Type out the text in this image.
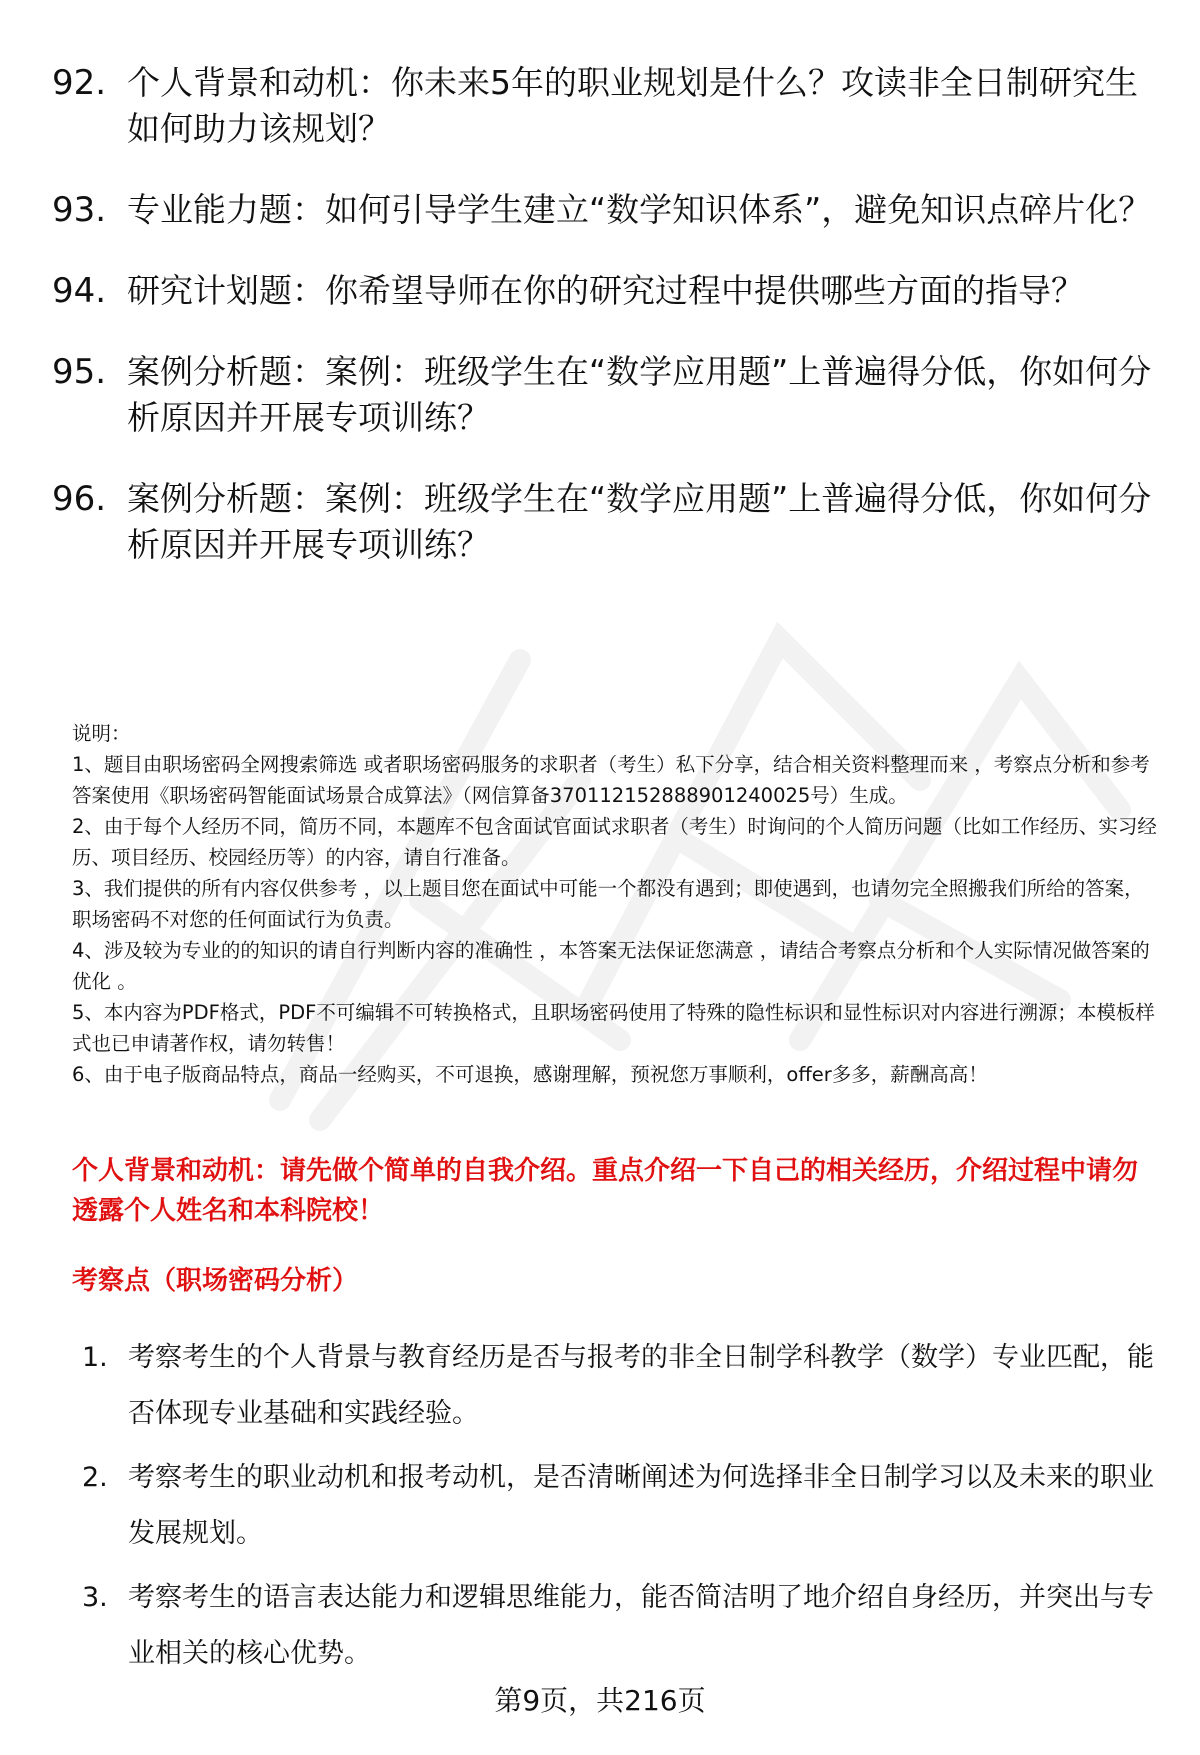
92. 个人背景和动机：你未来5年的职业规划是什么？攻读非全日制研究生如何助力该规划？
93. 专业能力题：如何引导学生建立“数学知识体系”，避免知识点碎片化？
94. 研究计划题：你希望导师在你的研究过程中提供哪些方面的指导？
95. 案例分析题：案例：班级学生在“数学应用题”上普遍得分低，你如何分析原因并开展专项训练？
96. 案例分析题：案例：班级学生在“数学应用题”上普遍得分低，你如何分析原因并开展专项训练？

说明：

1、题目由职场密码全网搜索筛选 或者职场密码服务的求职者（考生）私下分享，结合相关资料整理而来 ，考察点分析和参考答案使用《职场密码智能面试场景合成算法》（网信算备370112152888901240025号）生成。

2、由于每个人经历不同，简历不同，本题库不包含面试官面试求职者（考生）时询问的个人简历问题（比如工作经历、实习经历、项目经历、校园经历等）的内容，请自行准备。

3、我们提供的所有内容仅供参考 ，以上题目您在面试中可能一个都没有遇到；即使遇到，也请勿完全照搬我们所给的答案，职场密码不对您的任何面试行为负责。

4、涉及较为专业的的知识的请自行判断内容的准确性 ，本答案无法保证您满意 ，请结合考察点分析和个人实际情况做答案的优化 。

5、本内容为PDF格式，PDF不可编辑不可转换格式，且职场密码使用了特殊的隐性标识和显性标识对内容进行溯源；本模板样式也已申请著作权，请勿转售！

6、由于电子版商品特点，商品一经购买，不可退换，感谢理解，预祝您万事顺利，offer多多，薪酬高高！

个人背景和动机：请先做个简单的自我介绍。重点介绍一下自己的相关经历，介绍过程中请勿透露个人姓名和本科院校！
考察点（职场密码分析）
1. 考察考生的个人背景与教育经历是否与报考的非全日制学科教学（数学）专业匹配，能否体现专业基础和实践经验。
2. 考察考生的职业动机和报考动机，是否清晰阐述为何选择非全日制学习以及未来的职业发展规划。
3. 考察考生的语言表达能力和逻辑思维能力，能否简洁明了地介绍自身经历，并突出与专业相关的核心优势。
第9页，共216页
